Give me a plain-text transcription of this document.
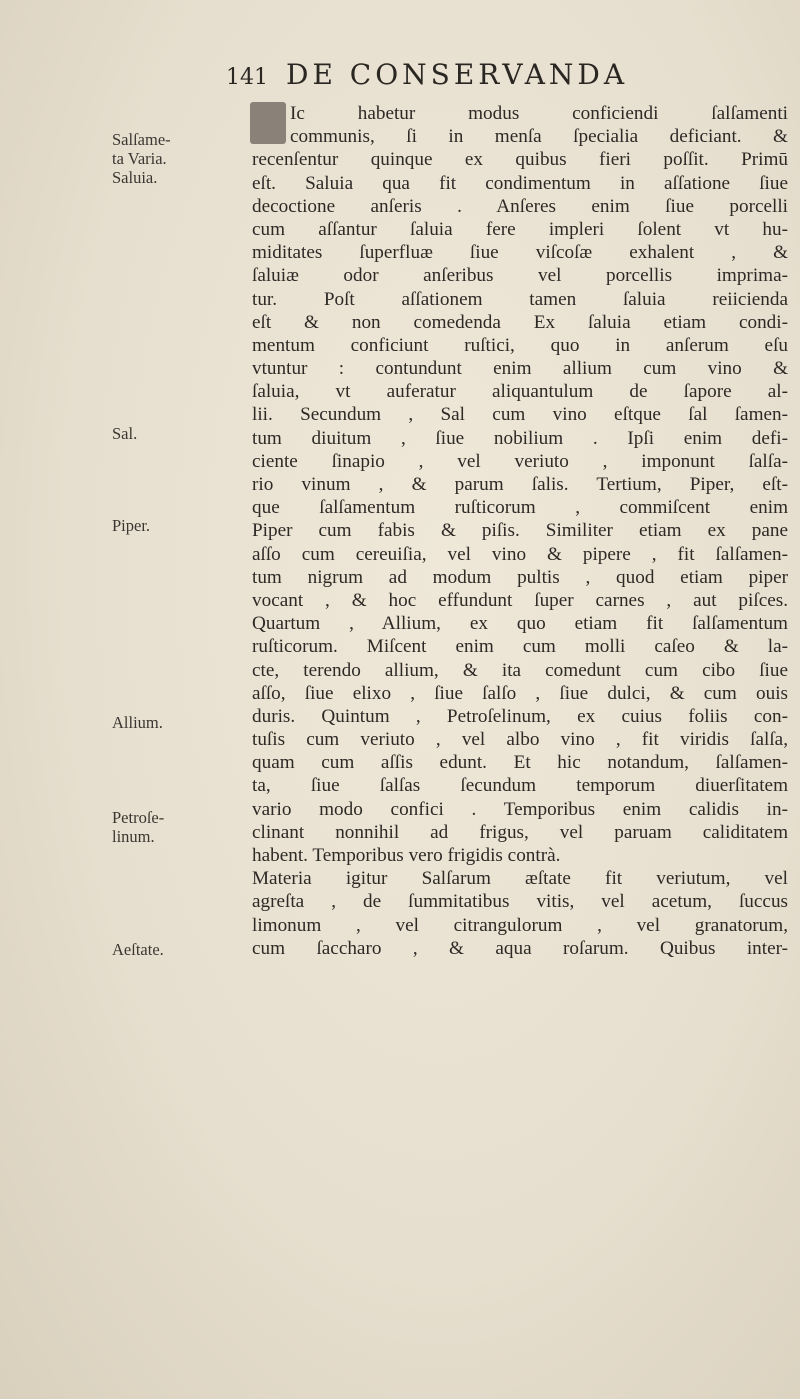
141 DE CONSERVANDA
Salſame-
ta Varia.
Saluia.
Sal.
Piper.
Allium.
Petroſe-
linum.
Aeſtate.
Ic habetur modus conficiendi ſalſamenti
communis, ſi in menſa ſpecialia deficiant. &
recenſentur quinque ex quibus fieri poſſit. Primū
eſt. Saluia qua fit condimentum in aſſatione ſiue
decoctione anſeris . Anſeres enim ſiue porcelli
cum aſſantur ſaluia fere impleri ſolent vt hu-
miditates ſuperfluæ ſiue viſcoſæ exhalent , &
ſaluiæ odor anſeribus vel porcellis imprima-
tur. Poſt aſſationem tamen ſaluia reiicienda
eſt & non comedenda Ex ſaluia etiam condi-
mentum conficiunt ruſtici, quo in anſerum eſu
vtuntur : contundunt enim allium cum vino &
ſaluia, vt auferatur aliquantulum de ſapore al-
lii. Secundum , Sal cum vino eſtque ſal ſamen-
tum diuitum , ſiue nobilium . Ipſi enim defi-
ciente ſinapio , vel veriuto , imponunt ſalſa-
rio vinum , & parum ſalis. Tertium, Piper, eſt-
que ſalſamentum ruſticorum , commiſcent enim
Piper cum fabis & piſis. Similiter etiam ex pane
aſſo cum cereuiſia, vel vino & pipere , fit ſalſamen-
tum nigrum ad modum pultis , quod etiam piper
vocant , & hoc effundunt ſuper carnes , aut piſces.
Quartum , Allium, ex quo etiam fit ſalſamentum
ruſticorum. Miſcent enim cum molli caſeo & la-
cte, terendo allium, & ita comedunt cum cibo ſiue
aſſo, ſiue elixo , ſiue ſalſo , ſiue dulci, & cum ouis
duris. Quintum , Petroſelinum, ex cuius foliis con-
tuſis cum veriuto , vel albo vino , fit viridis ſalſa,
quam cum aſſis edunt. Et hic notandum, ſalſamen-
ta, ſiue ſalſas ſecundum temporum diuerſitatem
vario modo confici . Temporibus enim calidis in-
clinant nonnihil ad frigus, vel paruam caliditatem
habent. Temporibus vero frigidis contrà.
Materia igitur Salſarum æſtate fit veriutum, vel
agreſta , de ſummitatibus vitis, vel acetum, ſuccus
limonum , vel citrangulorum , vel granatorum,
cum ſaccharo , & aqua roſarum. Quibus inter-
